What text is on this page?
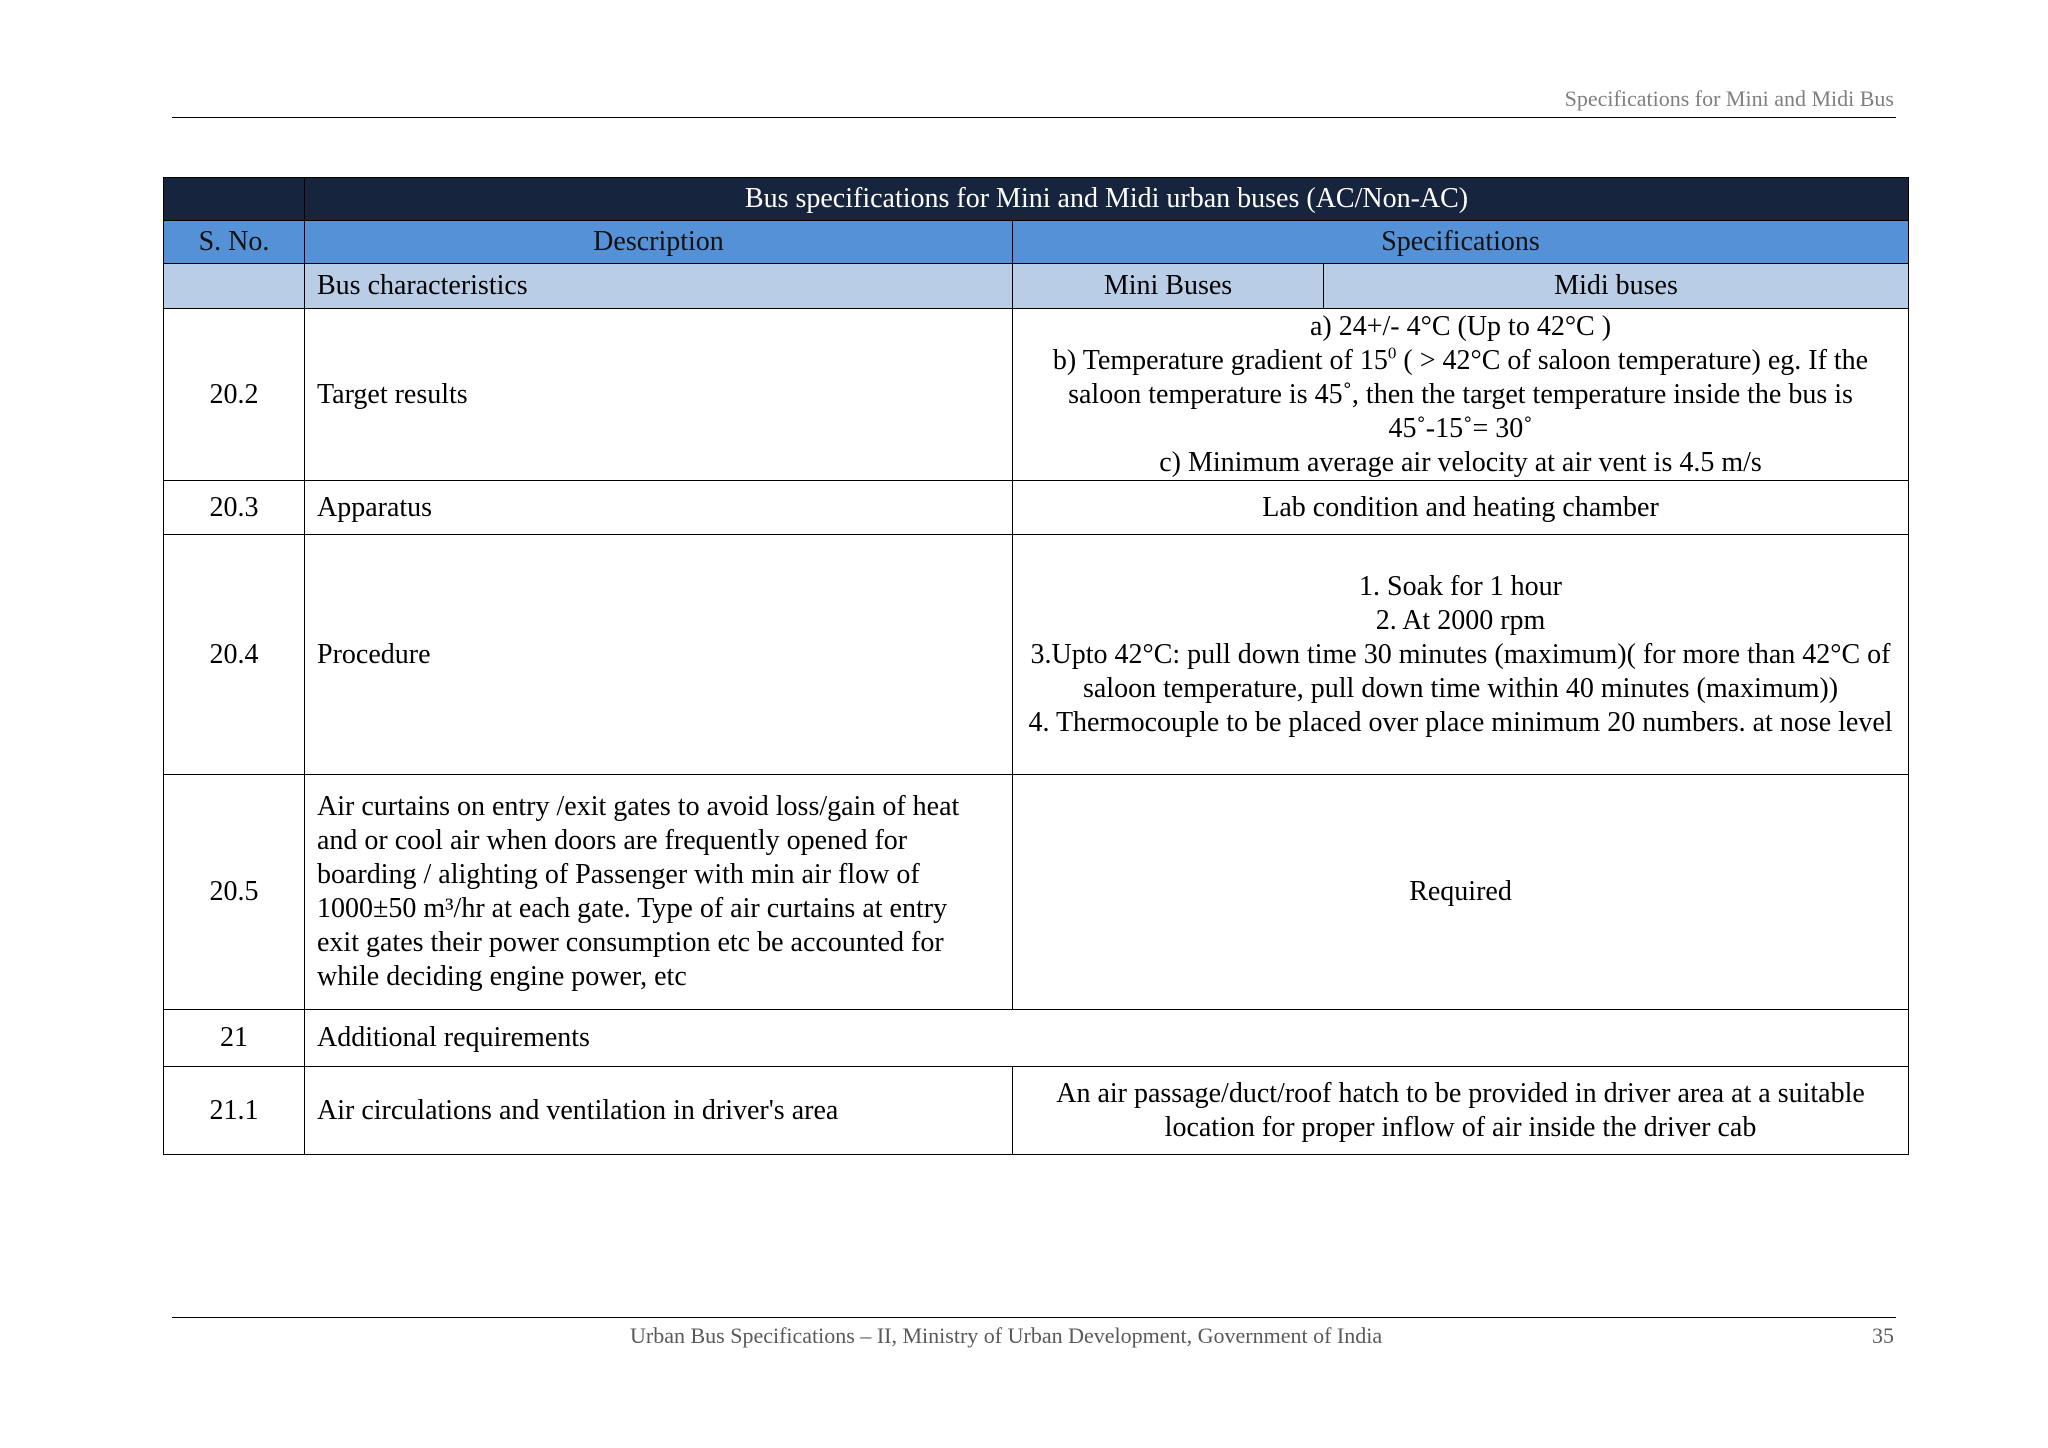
Specifications for Mini and Midi Bus
	Bus specifications for Mini and Midi urban buses (AC/Non-AC)		
S. No.	Description	Specifications	
	Bus characteristics	Mini Buses	Midi buses
20.2	Target results	a) 24+/- 4°C (Up to 42°C )
b) Temperature gradient of $15^0$ ( > 42°C of saloon temperature) eg. If the saloon temperature is 45˚, then the target temperature inside the bus is 45˚-15˚= 30˚
c) Minimum average air velocity at air vent is 4.5 m/s	

20.3	Apparatus	Lab condition and heating chamber	
20.4	Procedure	1. Soak for 1 hour
2. At 2000 rpm
3.Upto 42°C: pull down time 30 minutes (maximum)( for more than 42°C of saloon temperature, pull down time within 40 minutes (maximum))
4. Thermocouple to be placed over place minimum 20 numbers. at nose level	

20.5	Air curtains on entry /exit gates to avoid loss/gain of heat and or cool air when doors are frequently opened for boarding / alighting of Passenger with min air flow of 1000±50 m³/hr at each gate. Type of air curtains at entry exit gates their power consumption etc be accounted for while deciding engine power, etc	Required	
21	Additional requirements		
21.1	Air circulations and ventilation in driver's area	An air passage/duct/roof hatch to be provided in driver area at a suitable location for proper inflow of air inside the driver cab	
Urban Bus Specifications – II, Ministry of Urban Development, Government of India	35
